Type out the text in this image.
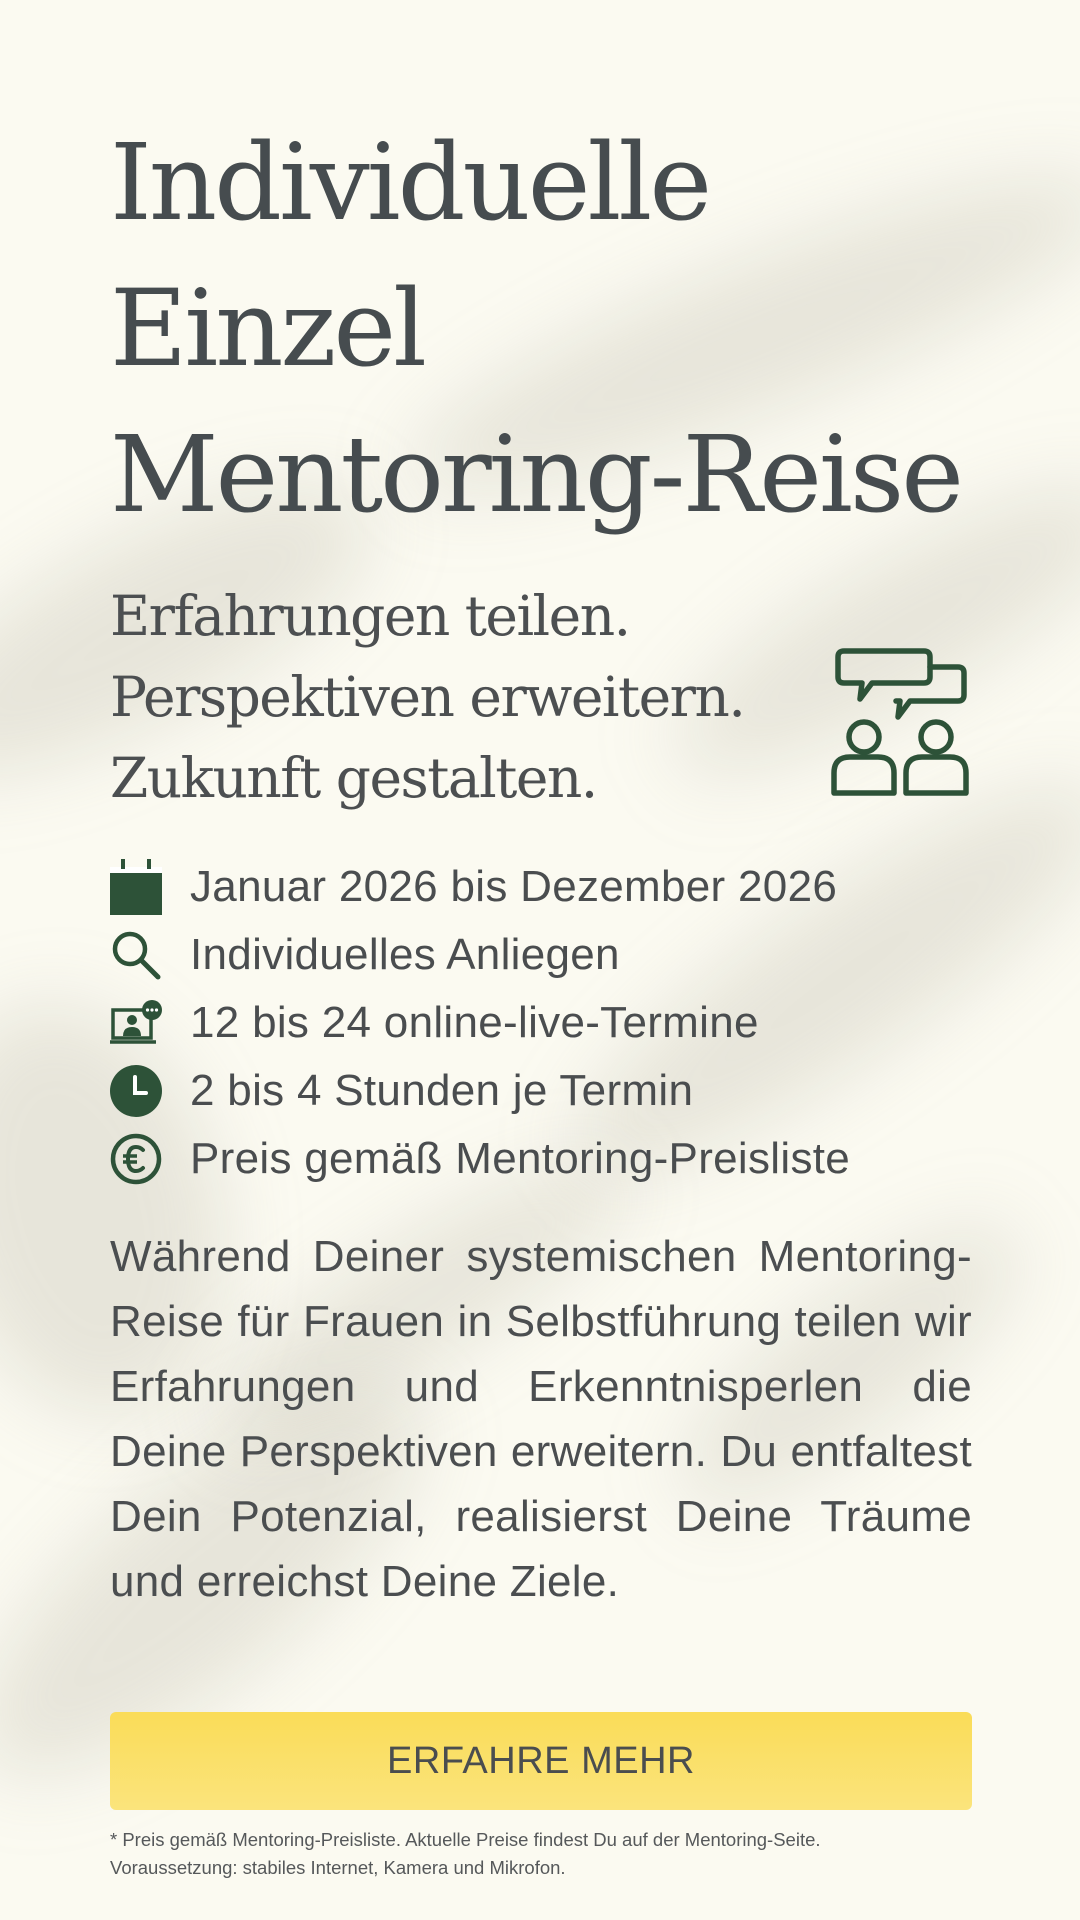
Individuelle
Einzel
Mentoring-Reise
Erfahrungen teilen.
Perspektiven erweitern.
Zukunft gestalten.
Januar 2026 bis Dezember 2026
Individuelles Anliegen
12 bis 24 online-live-Termine
2 bis 4 Stunden je Termin
Preis gemäß Mentoring-Preisliste

Während Deiner systemischen Mentoring-Reise für Frauen in Selbstführung teilen wir Erfahrungen und Erkenntnisperlen die Deine Perspektiven erweitern. Du entfaltest Dein Potenzial, realisierst Deine Träume und erreichst Deine Ziele.

ERFAHRE MEHR

* Preis gemäß Mentoring-Preisliste. Aktuelle Preise findest Du auf der Mentoring-Seite.
Voraussetzung: stabiles Internet, Kamera und Mikrofon.
